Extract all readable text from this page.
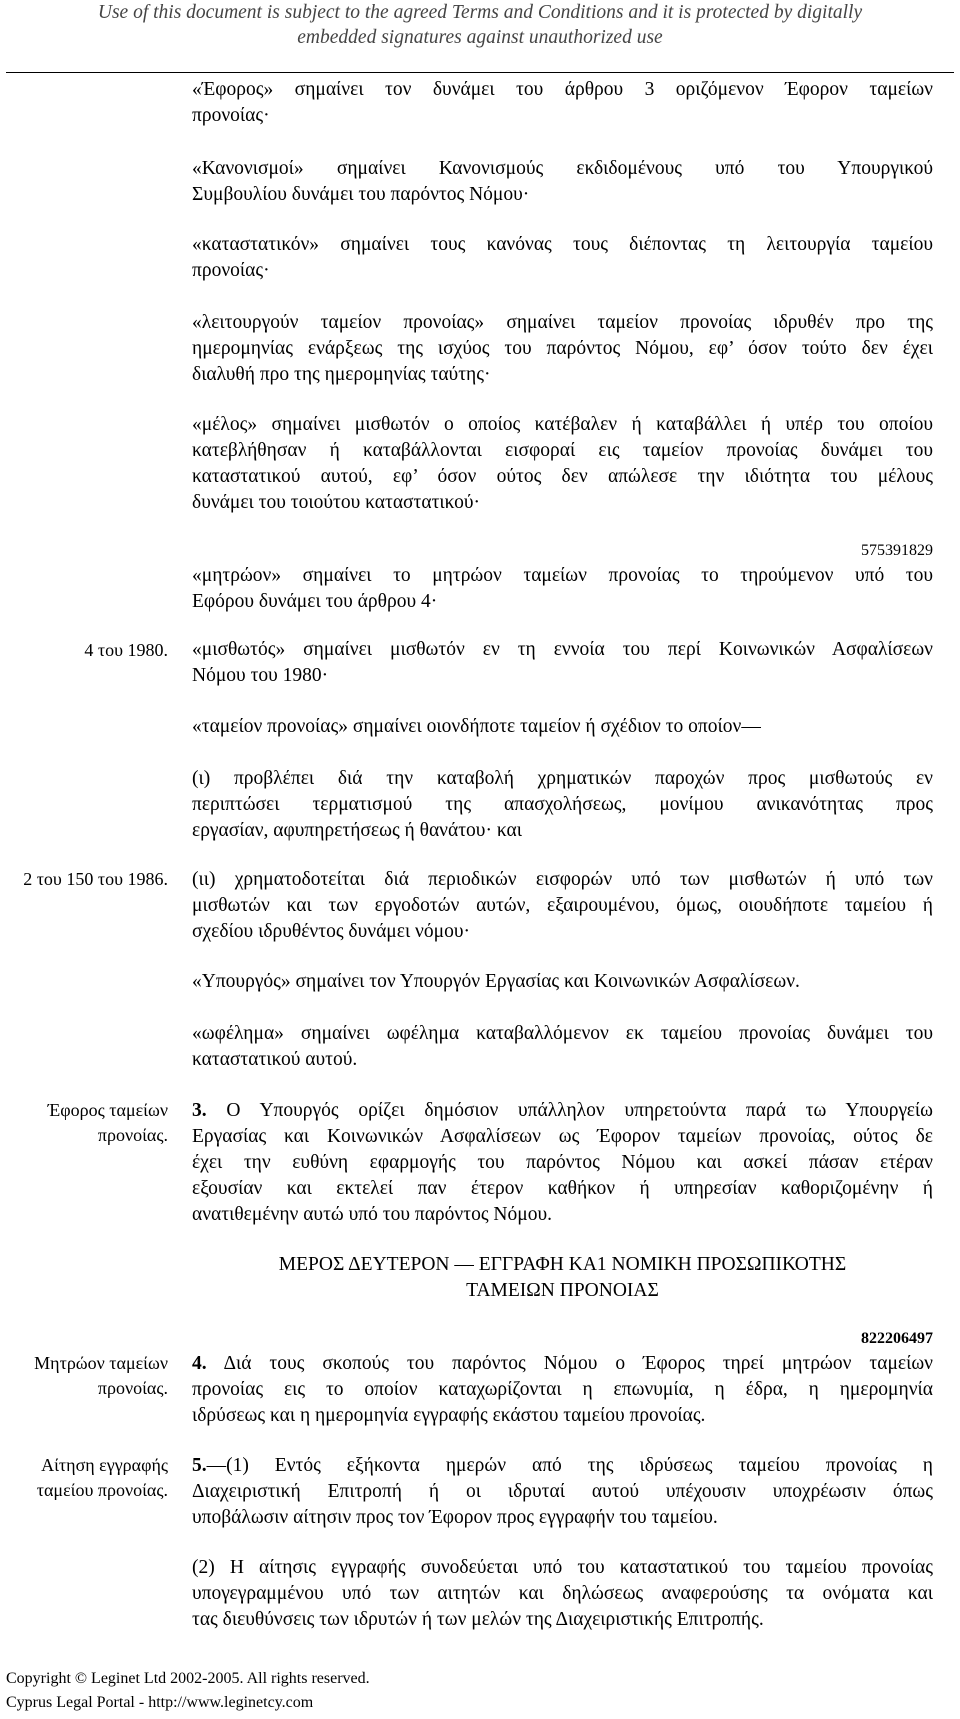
Use of this document is subject to the agreed Terms and Conditions and it is protected by digitally
embedded signatures against unauthorized use
«Έφορος» σημαίνει τον δυνάμει του άρθρου 3 οριζόμενον Έφορον ταμείων
προνοίας·
«Κανονισμοί» σημαίνει Κανονισμούς εκδιδομένους υπό του Υπουργικού
Συμβουλίου δυνάμει του παρόντος Νόμου·
«καταστατικόν» σημαίνει τους κανόνας τους διέποντας τη λειτουργία ταμείου
προνοίας·
«λειτουργούν ταμείον προνοίας» σημαίνει ταμείον προνοίας ιδρυθέν προ της
ημερομηνίας ενάρξεως της ισχύος του παρόντος Νόμου, εφ’ όσον τούτο δεν έχει
διαλυθή προ της ημερομηνίας ταύτης·
«μέλος» σημαίνει μισθωτόν ο οποίος κατέβαλεν ή καταβάλλει ή υπέρ του οποίου
κατεβλήθησαν ή καταβάλλονται εισφοραί εις ταμείον προνοίας δυνάμει του
καταστατικού αυτού, εφ’ όσον ούτος δεν απώλεσε την ιδιότητα του μέλους
δυνάμει του τοιούτου καταστατικού·
575391829
«μητρώον» σημαίνει το μητρώον ταμείων προνοίας το τηρούμενον υπό του
Εφόρου δυνάμει του άρθρου 4·
4 του 1980. «μισθωτός» σημαίνει μισθωτόν εν τη εννοία του περί Κοινωνικών Ασφαλίσεων
Νόμου του 1980·
«ταμείον προνοίας» σημαίνει οιονδήποτε ταμείον ή σχέδιον το οποίον—
(ι) προβλέπει διά την καταβολή χρηματικών παροχών προς μισθωτούς εν
περιπτώσει τερματισμού της απασχολήσεως, μονίμου ανικανότητας προς
εργασίαν, αφυπηρετήσεως ή θανάτου· και
2 του 150 του 1986. (ιι) χρηματοδοτείται διά περιοδικών εισφορών υπό των μισθωτών ή υπό των
μισθωτών και των εργοδοτών αυτών, εξαιρουμένου, όμως, οιουδήποτε ταμείου ή
σχεδίου ιδρυθέντος δυνάμει νόμου·
«Υπουργός» σημαίνει τον Υπουργόν Εργασίας και Κοινωνικών Ασφαλίσεων.
«ωφέλημα» σημαίνει ωφέλημα καταβαλλόμενον εκ ταμείου προνοίας δυνάμει του
καταστατικού αυτού.
Έφορος ταμείων
προνοίας.
3. Ο Υπουργός ορίζει δημόσιον υπάλληλον υπηρετούντα παρά τω Υπουργείω
Εργασίας και Κοινωνικών Ασφαλίσεων ως Έφορον ταμείων προνοίας, ούτος δε
έχει την ευθύνη εφαρμογής του παρόντος Νόμου και ασκεί πάσαν ετέραν
εξουσίαν και εκτελεί παν έτερον καθήκον ή υπηρεσίαν καθοριζομένην ή
ανατιθεμένην αυτώ υπό του παρόντος Νόμου.
ΜΕΡΟΣ ΔΕΥΤΕΡΟΝ — ΕΓΓΡΑΦΗ ΚΑ1 ΝΟΜΙΚΗ ΠΡΟΣΩΠΙΚΟΤΗΣ
ΤΑΜΕΙΩΝ ΠΡΟΝΟΙΑΣ
822206497
Μητρώον ταμείων
προνοίας.
4. Διά τους σκοπούς του παρόντος Νόμου ο Έφορος τηρεί μητρώον ταμείων
προνοίας εις το οποίον καταχωρίζονται η επωνυμία, η έδρα, η ημερομηνία
ιδρύσεως και η ημερομηνία εγγραφής εκάστου ταμείου προνοίας.
Αίτηση εγγραφής
ταμείου προνοίας.
5.—(1) Εντός εξήκοντα ημερών από της ιδρύσεως ταμείου προνοίας η
Διαχειριστική Επιτροπή ή οι ιδρυταί αυτού υπέχουσιν υποχρέωσιν όπως
υποβάλωσιν αίτησιν προς τον Έφορον προς εγγραφήν του ταμείου.
(2) Η αίτησις εγγραφής συνοδεύεται υπό του καταστατικού του ταμείου προνοίας
υπογεγραμμένου υπό των αιτητών και δηλώσεως αναφερούσης τα ονόματα και
τας διευθύνσεις των ιδρυτών ή των μελών της Διαχειριστικής Επιτροπής.
Copyright © Leginet Ltd 2002-2005. All rights reserved.
Cyprus Legal Portal - http://www.leginetcy.com
